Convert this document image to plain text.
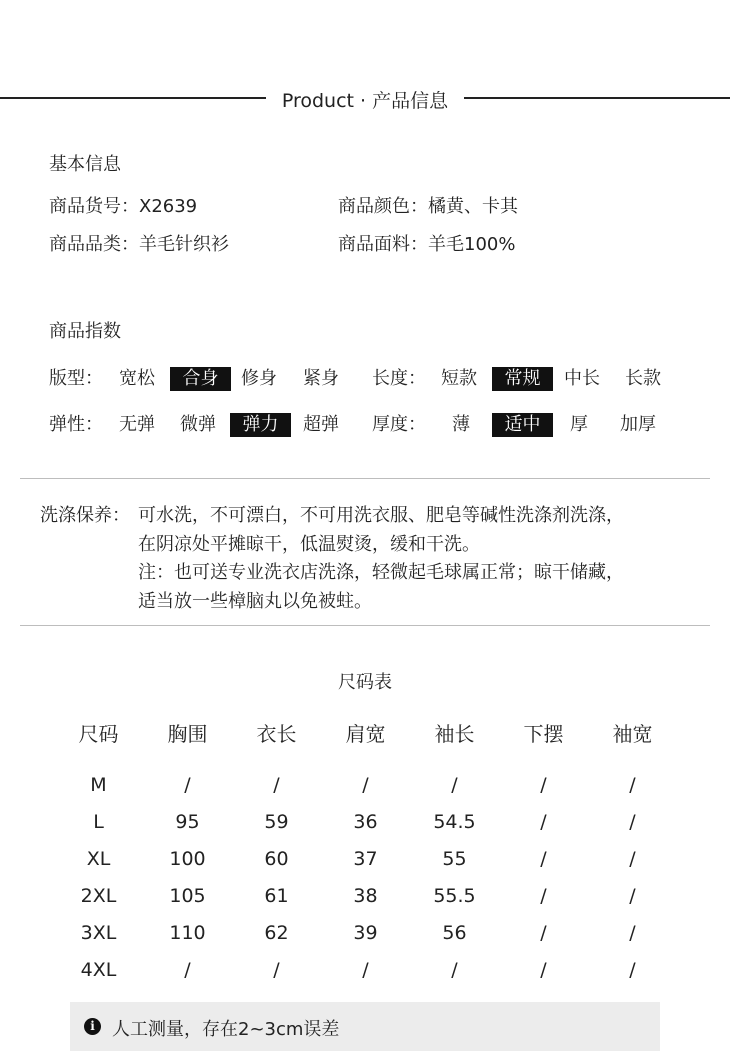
Product · 产品信息
基本信息
商品货号：X2639	商品颜色：橘黄、卡其
商品品类：羊毛针织衫	商品面料：羊毛100%
商品指数
版型： 宽松	合身	修身	紧身	长度： 短款	常规	中长	长款
弹性： 无弹	微弹	弹力	超弹	厚度： 薄	适中	厚 加厚
洗涤保养： 可水洗，不可漂白，不可用洗衣服、肥皂等碱性洗涤剂洗涤，
在阴凉处平摊晾干，低温熨烫，缓和干洗。
注：也可送专业洗衣店洗涤，轻微起毛球属正常；晾干储藏，
适当放一些樟脑丸以免被蛀。
尺码表
尺码	胸围	衣长	肩宽	袖长	下摆	袖宽
M	/	/	/	/	/	/
L	95	59	36	54.5	/	/
XL	100	60	37	55	/	/
2XL	105	61	38	55.5	/	/
3XL	110	62	39	56	/	/
4XL	/	/	/	/	/	/
i 人工测量，存在2~3cm误差
